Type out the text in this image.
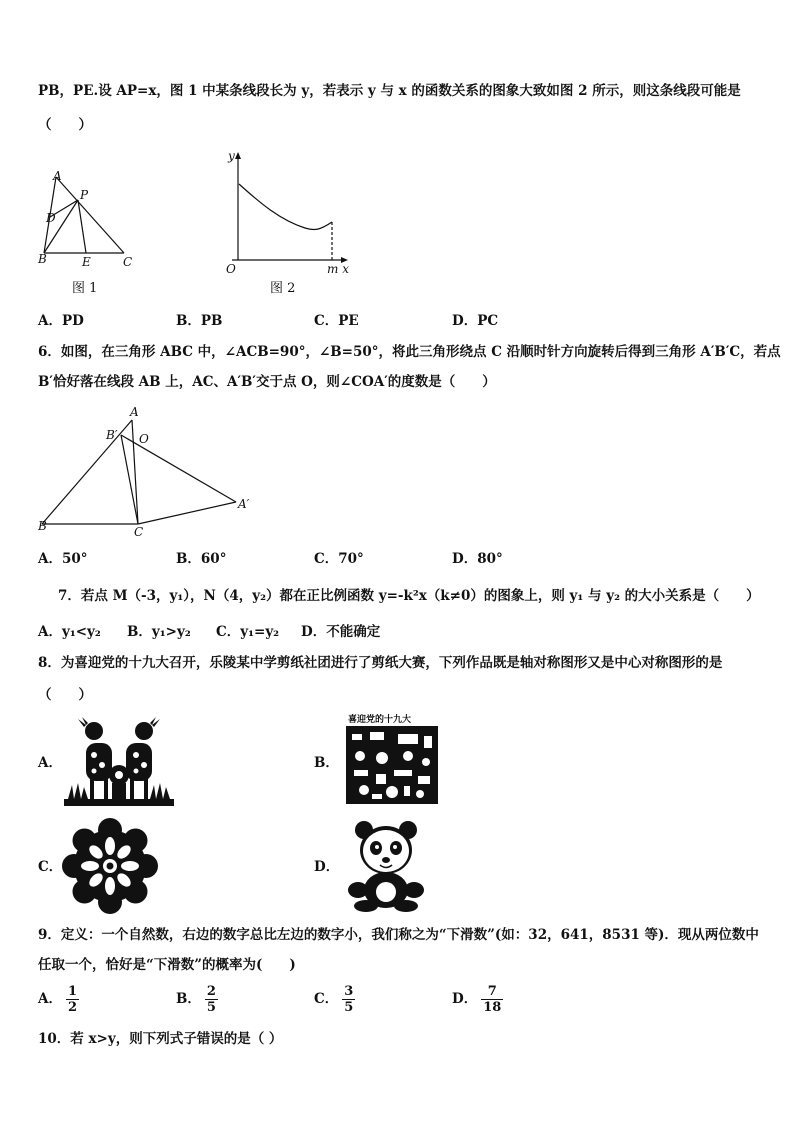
PB，PE.设 AP=x，图 1 中某条线段长为 y，若表示 y 与 x 的函数关系的图象大致如图 2 所示，则这条线段可能是
（　　）
A
P
D
B	E	C
图 1
y
O	m x
图 2
A．PD	B．PB	C．PE	D．PC
6．如图，在三角形 ABC 中，∠ACB=90°，∠B=50°，将此三角形绕点 C 沿顺时针方向旋转后得到三角形 A′B′C，若点
B′恰好落在线段 AB 上，AC、A′B′交于点 O，则∠COA′的度数是（　　）
A
B′ O
A′
B	C
A．50°	B．60°	C．70°	D．80°
7．若点 M（-3，y₁），N（4，y₂）都在正比例函数 y=-k²x（k≠0）的图象上，则 y₁ 与 y₂ 的大小关系是（　　）
A．y₁<y₂ B．y₁>y₂ C．y₁=y₂ D．不能确定
8．为喜迎党的十九大召开，乐陵某中学剪纸社团进行了剪纸大赛，下列作品既是轴对称图形又是中心对称图形的是
（　　）
A．	B．
喜迎党的十九大
C．	D．
9．定义：一个自然数，右边的数字总比左边的数字小，我们称之为“下滑数”(如：32，641，8531 等)．现从两位数中
任取一个，恰好是“下滑数”的概率为(　　)
A． $\frac{1}{2}$	B． $\frac{2}{5}$	C． $\frac{3}{5}$	D． $\frac{7}{18}$
10．若 x>y，则下列式子错误的是（ ）
